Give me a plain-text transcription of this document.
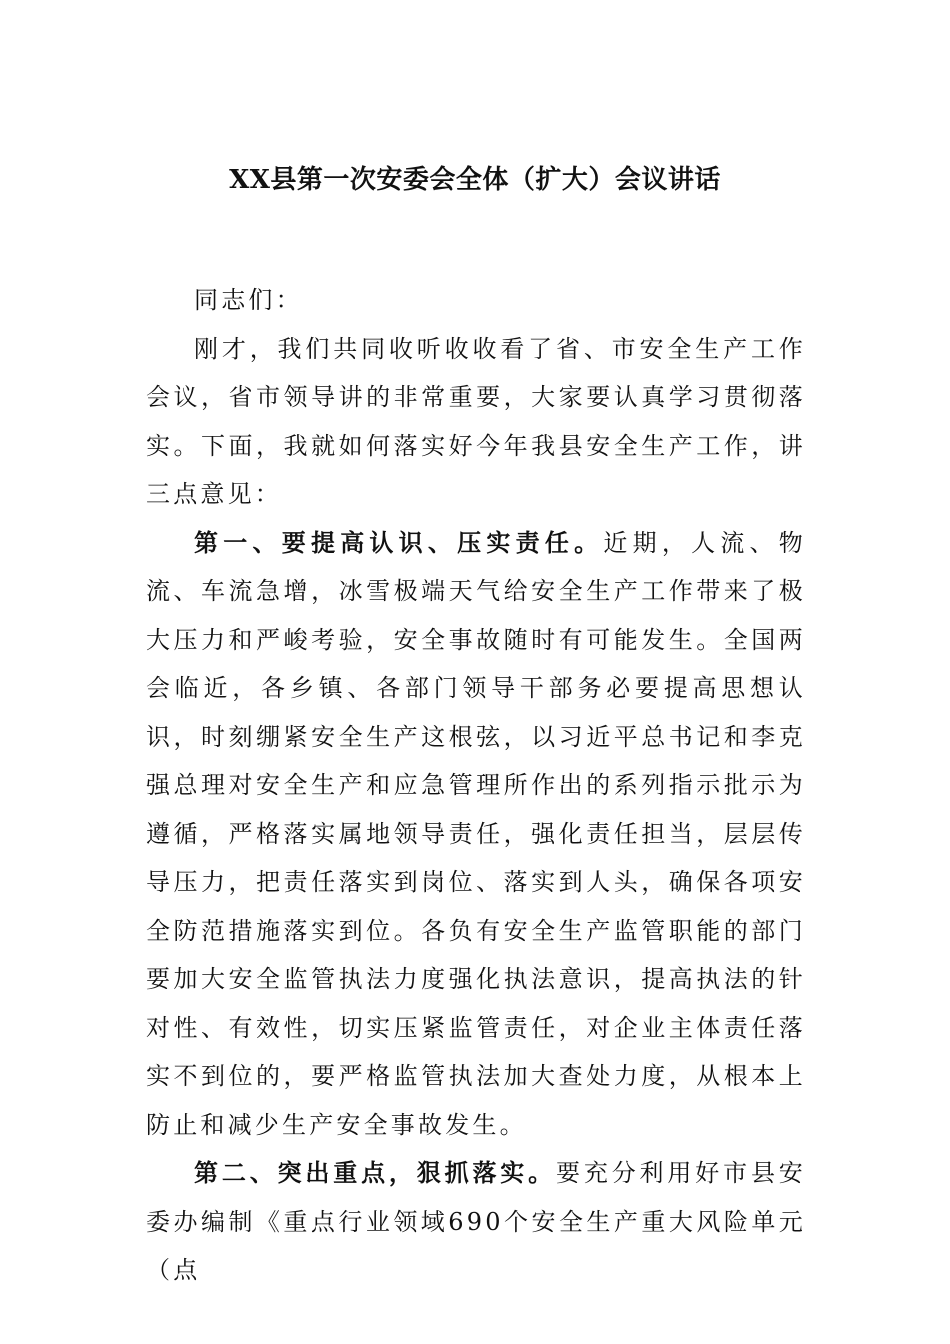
XX县第一次安委会全体（扩大）会议讲话

同志们：

刚才，我们共同收听收收看了省、市安全生产工作会议，省市领导讲的非常重要，大家要认真学习贯彻落实。下面，我就如何落实好今年我县安全生产工作，讲三点意见：

第一、要提高认识、压实责任。近期，人流、物流、车流急增，冰雪极端天气给安全生产工作带来了极大压力和严峻考验，安全事故随时有可能发生。全国两会临近，各乡镇、各部门领导干部务必要提高思想认识，时刻绷紧安全生产这根弦，以习近平总书记和李克强总理对安全生产和应急管理所作出的系列指示批示为遵循，严格落实属地领导责任，强化责任担当，层层传导压力，把责任落实到岗位、落实到人头，确保各项安全防范措施落实到位。各负有安全生产监管职能的部门要加大安全监管执法力度强化执法意识，提高执法的针对性、有效性，切实压紧监管责任，对企业主体责任落实不到位的，要严格监管执法加大查处力度，从根本上防止和减少生产安全事故发生。

第二、突出重点，狠抓落实。要充分利用好市县安委办编制《重点行业领域690个安全生产重大风险单元（点
